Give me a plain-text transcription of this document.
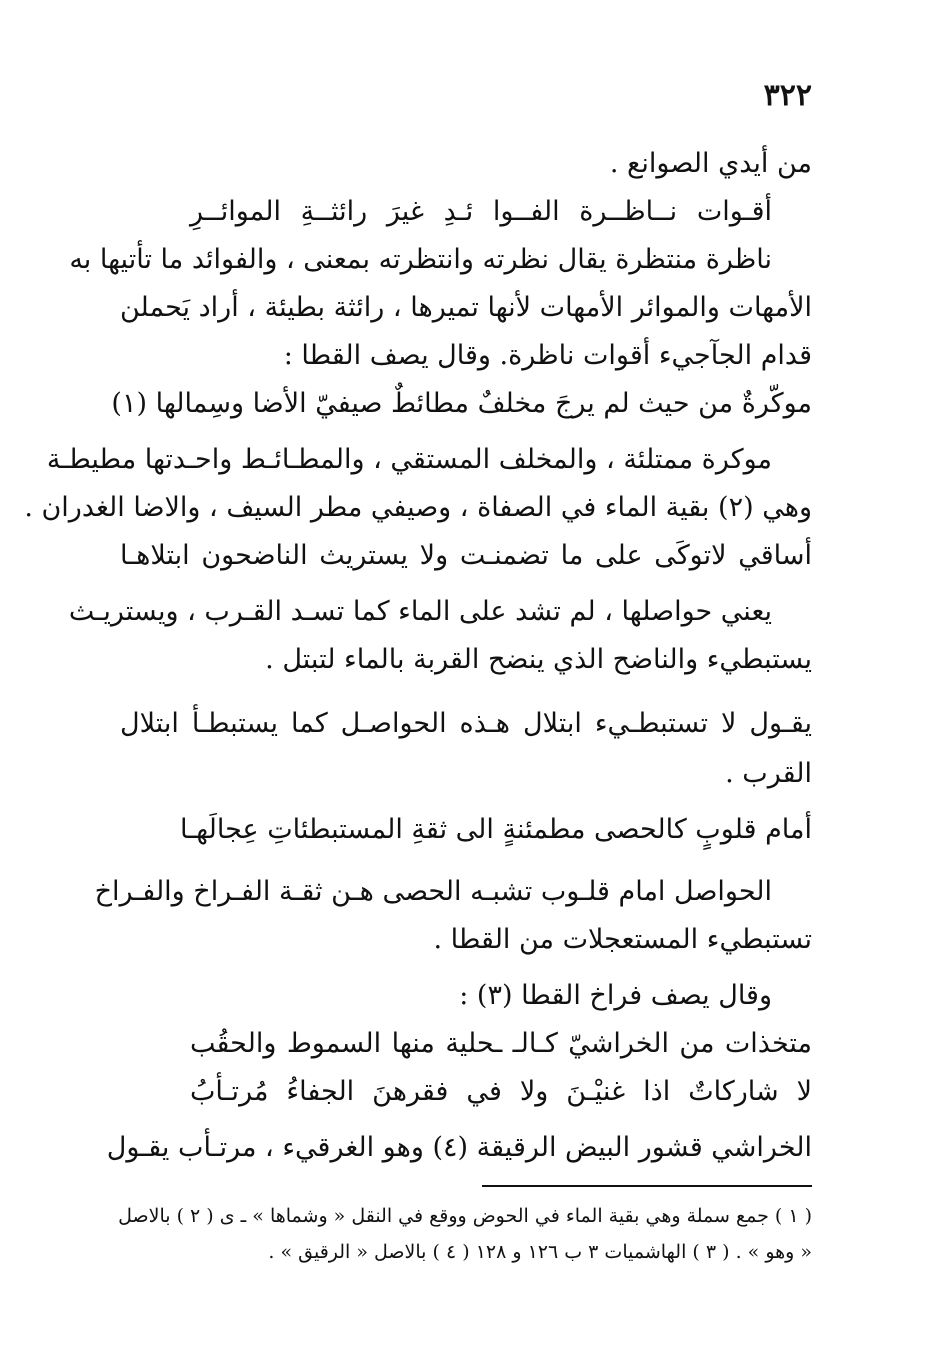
٣٢٢
من أيدي الصوانع .
أقـوات نــاظــرة الفــوا ئـدِ غيرَ رائثــةِ الموائــرِ
ناظرة منتظرة يقال نظرته وانتظرته بمعنى ، والفوائد ما تأتيها به
الأمهات والموائر الأمهات لأنها تميرها ، رائثة بطيئة ، أراد يَحملن
قدام الجآجيء أقوات ناظرة. وقال يصف القطا :
موكّرةٌ من حيث لم يرجَ مخلفٌ مطائطٌ صيفيّ الأضا وسِمالها (١)
موكرة ممتلئة ، والمخلف المستقي ، والمطـائـط واحـدتها مطيطـة
وهي (٢) بقية الماء في الصفاة ، وصيفي مطر السيف ، والاضا الغدران .
أساقي لاتوكَى على ما تضمنـت ولا يستريث الناضحون ابتلاهـا
يعني حواصلها ، لم تشد على الماء كما تسـد القـرب ، ويستريـث
يستبطيء والناضح الذي ينضح القربة بالماء لتبتل .
يقـول لا تستبطـيء ابتلال هـذه الحواصـل كما يستبطـأ ابتلال
القرب .
أمام قلوبٍ كالحصى مطمئنةٍ الى ثقةِ المستبطئاتِ عِجالَهـا
الحواصل امام قلـوب تشبـه الحصى هـن ثقـة الفـراخ والفـراخ
تستبطيء المستعجلات من القطا .
وقال يصف فراخ القطا (٣) :
متخذات من الخراشيّ كـالـ ـحلية منها السموط والحقُب
لا شاركاتٌ اذا غنيْـنَ ولا في فقرهنَ الجفاءُ مُرتـأبُ
الخراشي قشور البيض الرقيقة (٤) وهو الغرقيء ، مرتـأب يقـول
( ١ ) جمع سملة وهي بقية الماء في الحوض ووقع في النقل « وشماها » ـ ى ( ٢ ) بالاصل
« وهو » . ( ٣ ) الهاشميات ٣ ب ١٢٦ و ١٢٨ ( ٤ ) بالاصل « الرقيق » .
